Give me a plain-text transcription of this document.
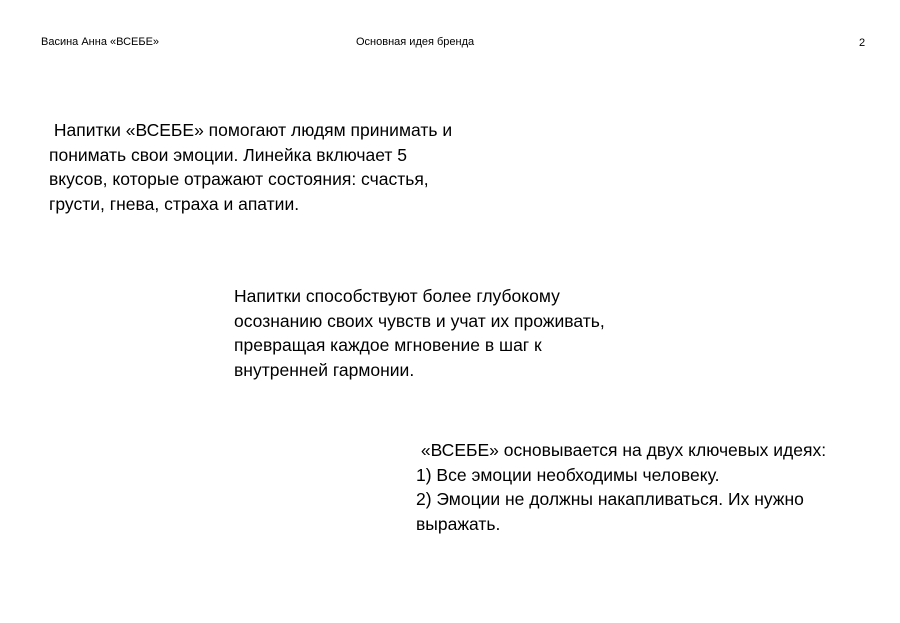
Васина Анна «ВСЕБЕ»	Основная идея бренда	2
Напитки «ВСЕБЕ» помогают людям принимать и
понимать свои эмоции. Линейка включает 5
вкусов, которые отражают состояния: счастья,
грусти, гнева, страха и апатии.
Напитки способствуют более глубокому
осознанию своих чувств и учат их проживать,
превращая каждое мгновение в шаг к
внутренней гармонии.
«ВСЕБЕ» основывается на двух ключевых идеях:
1) Все эмоции необходимы человеку.
2) Эмоции не должны накапливаться. Их нужно
выражать.
